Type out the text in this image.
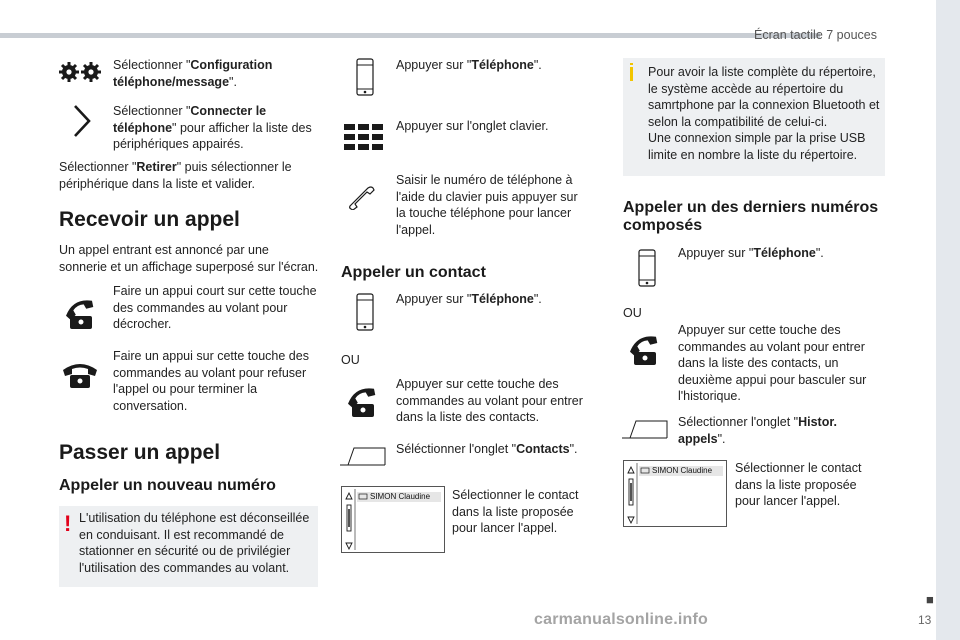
Écran tactile 7 pouces
Sélectionner "Configuration téléphone/message".
Sélectionner "Connecter le téléphone" pour afficher la liste des périphériques appairés.
Sélectionner "Retirer" puis sélectionner le périphérique dans la liste et valider.
Recevoir un appel
Un appel entrant est annoncé par une sonnerie et un affichage superposé sur l'écran.
Faire un appui court sur cette touche des commandes au volant pour décrocher.
Faire un appui sur cette touche des commandes au volant pour refuser l'appel ou pour terminer la conversation.
Passer un appel
Appeler un nouveau numéro
! L'utilisation du téléphone est déconseillée en conduisant. Il est recommandé de stationner en sécurité ou de privilégier l'utilisation des commandes au volant.
Appuyer sur "Téléphone".
Appuyer sur l'onglet clavier.
Saisir le numéro de téléphone à l'aide du clavier puis appuyer sur la touche téléphone pour lancer l'appel.
Appeler un contact
Appuyer sur "Téléphone".
OU
Appuyer sur cette touche des commandes au volant pour entrer dans la liste des contacts.
Séléctionner l'onglet "Contacts".
SIMON Claudine Sélectionner le contact dans la liste proposée pour lancer l'appel.
Pour avoir la liste complète du répertoire, le système accède au répertoire du samrtphone par la connexion Bluetooth et selon la compatibilité de celui-ci.
Une connexion simple par la prise USB limite en nombre la liste du répertoire.
Appeler un des derniers numéros composés
Appuyer sur "Téléphone".
OU
Appuyer sur cette touche des commandes au volant pour entrer dans la liste des contacts, un deuxième appui pour basculer sur l'historique.
Sélectionner l'onglet "Histor. appels".
SIMON Claudine Sélectionner le contact dans la liste proposée pour lancer l'appel.
■
13
carmanualsonline.info
